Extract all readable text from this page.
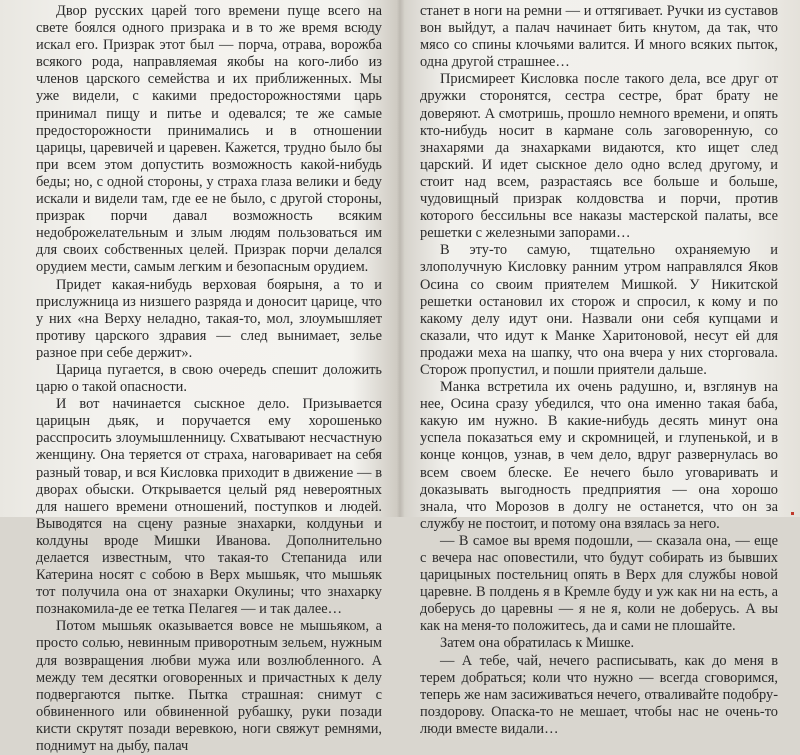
Двор русских царей того времени пуще всего на свете боялся одного призрака и в то же время всюду искал его. Призрак этот был — порча, отрава, ворожба всякого рода, направляемая якобы на кого-либо из членов царского семейства и их приближенных. Мы уже видели, с какими предосторожностями царь принимал пищу и питье и одевался; те же самые предосторожности принимались и в отношении царицы, царевичей и царевен. Кажется, трудно было бы при всем этом допустить возможность какой-нибудь беды; но, с одной стороны, у страха глаза велики и беду искали и видели там, где ее не было, с другой стороны, призрак порчи давал возможность всяким недоброжелательным и злым людям пользоваться им для своих собственных целей. Призрак порчи делался орудием мести, самым легким и безопасным орудием.

Придет какая-нибудь верховая боярыня, а то и прислужница из низшего разряда и доносит царице, что у них «на Верху неладно, такая-то, мол, злоумышляет противу царского здравия — след вынимает, зелье разное при себе держит».

Царица пугается, в свою очередь спешит доложить царю о такой опасности.

И вот начинается сыскное дело. Призывается царицын дьяк, и поручается ему хорошенько расспросить злоумышленницу. Схватывают несчастную женщину. Она теряется от страха, наговаривает на себя разный товар, и вся Кисловка приходит в движение — в дворах обыски. Открывается целый ряд невероятных для нашего времени отношений, поступков и людей. Выводятся на сцену разные знахарки, колдуньи и колдуны вроде Мишки Иванова. Дополнительно делается известным, что такая-то Степанида или Катерина носят с собою в Верх мышьяк, что мышьяк тот получила она от знахарки Окулины; что знахарку познакомила-де ее тетка Пелагея — и так далее…

Потом мышьяк оказывается вовсе не мышьяком, а просто солью, невинным приворотным зельем, нужным для возвращения любви мужа или возлюбленного. А между тем десятки оговоренных и причастных к делу подвергаются пытке. Пытка страшная: снимут с обвиненного или обвиненной рубашку, руки позади кисти скрутят позади веревкою, ноги свяжут ремнями, поднимут на дыбу, палач

станет в ноги на ремни — и оттягивает. Ручки из суставов вон выйдут, а палач начинает бить кнутом, да так, что мясо со спины клочьями валится. И много всяких пыток, одна другой страшнее…

Присмиреет Кисловка после такого дела, все друг от дружки сторонятся, сестра сестре, брат брату не доверяют. А смотришь, прошло немного времени, и опять кто-нибудь носит в кармане соль заговоренную, со знахарями да знахарками видаются, кто ищет след царский. И идет сыскное дело одно вслед другому, и стоит над всем, разрастаясь все больше и больше, чудовищный призрак колдовства и порчи, против которого бессильны все наказы мастерской палаты, все решетки с железными запорами…

В эту-то самую, тщательно охраняемую и злополучную Кисловку ранним утром направлялся Яков Осина со своим приятелем Мишкой. У Никитской решетки остановил их сторож и спросил, к кому и по какому делу идут они. Назвали они себя купцами и сказали, что идут к Манке Харитоновой, несут ей для продажи меха на шапку, что она вчера у них сторговала. Сторож пропустил, и пошли приятели дальше.

Манка встретила их очень радушно, и, взглянув на нее, Осина сразу убедился, что она именно такая баба, какую им нужно. В какие-нибудь десять минут она успела показаться ему и скромницей, и глупенькой, и в конце концов, узнав, в чем дело, вдруг развернулась во всем своем блеске. Ее нечего было уговаривать и доказывать выгодность предприятия — она хорошо знала, что Морозов в долгу не останется, что он за службу не постоит, и потому она взялась за него.

— В самое вы время подошли, — сказала она, — еще с вечера нас оповестили, что будут собирать из бывших царицыных постельниц опять в Верх для службы новой царевне. В полдень я в Кремле буду и уж как ни на есть, а доберусь до царевны — я не я, коли не доберусь. А вы как на меня-то положитесь, да и сами не плошайте.

Затем она обратилась к Мишке.

— А тебе, чай, нечего расписывать, как до меня в терем добраться; коли что нужно — всегда сговоримся, теперь же нам засиживаться нечего, отваливайте подобру-поздорову. Опаска-то не мешает, чтобы нас не очень-то люди вместе видали…
